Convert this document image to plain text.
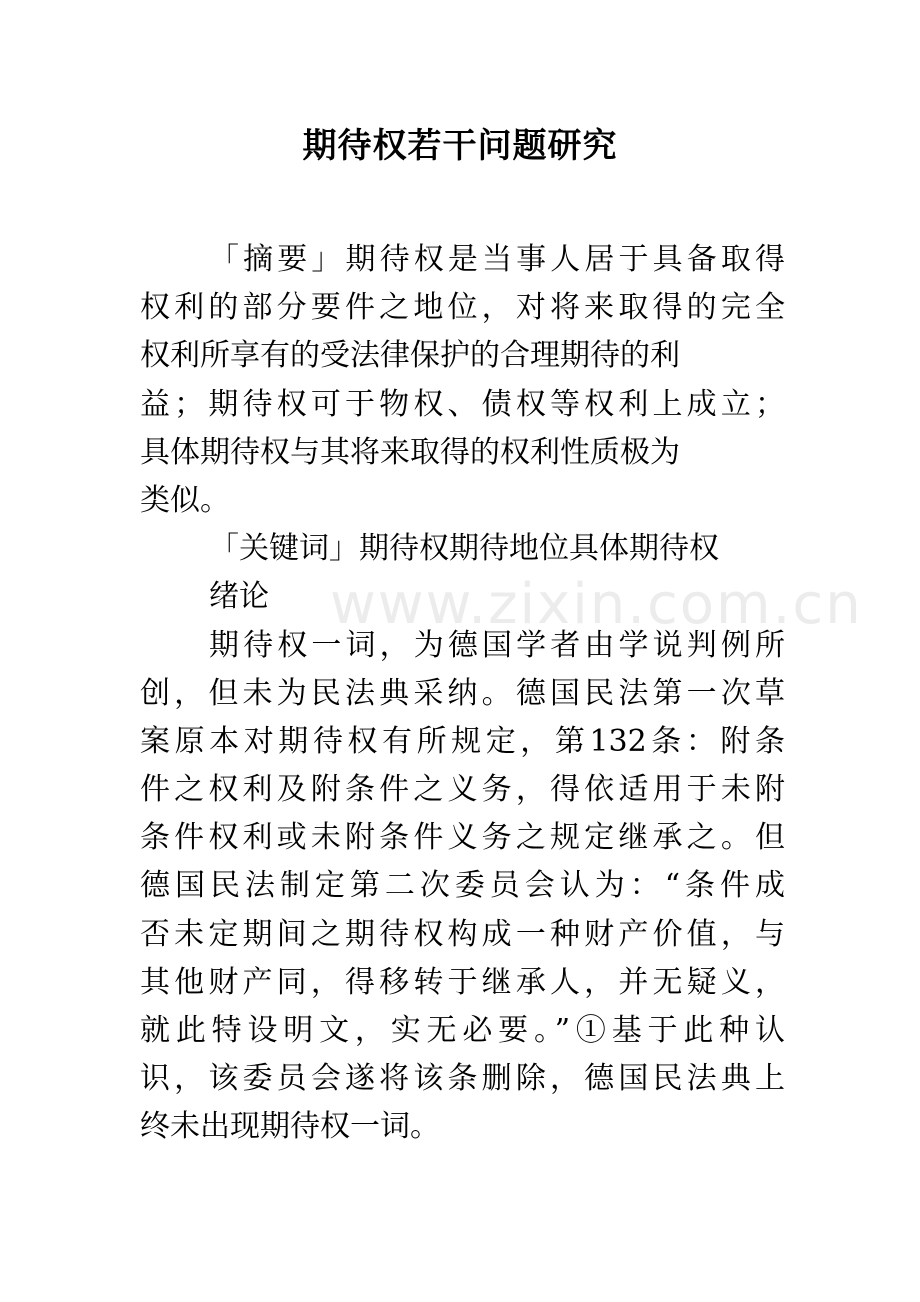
www.zixin.com.cn
期待权若干问题研究
「摘要」期待权是当事人居于具备取得
权利的部分要件之地位，对将来取得的完全
权利所享有的受法律保护的合理期待的利
益；期待权可于物权、债权等权利上成立；
具体期待权与其将来取得的权利性质极为
类似。
「关键词」期待权期待地位具体期待权
绪论
期待权一词，为德国学者由学说判例所
创，但未为民法典采纳。德国民法第一次草
案原本对期待权有所规定，第132条：附条
件之权利及附条件之义务，得依适用于未附
条件权利或未附条件义务之规定继承之。但
德国民法制定第二次委员会认为：“条件成
否未定期间之期待权构成一种财产价值，与
其他财产同，得移转于继承人，并无疑义，
就此特设明文，实无必要。”①基于此种认
识，该委员会遂将该条删除，德国民法典上
终未出现期待权一词。
